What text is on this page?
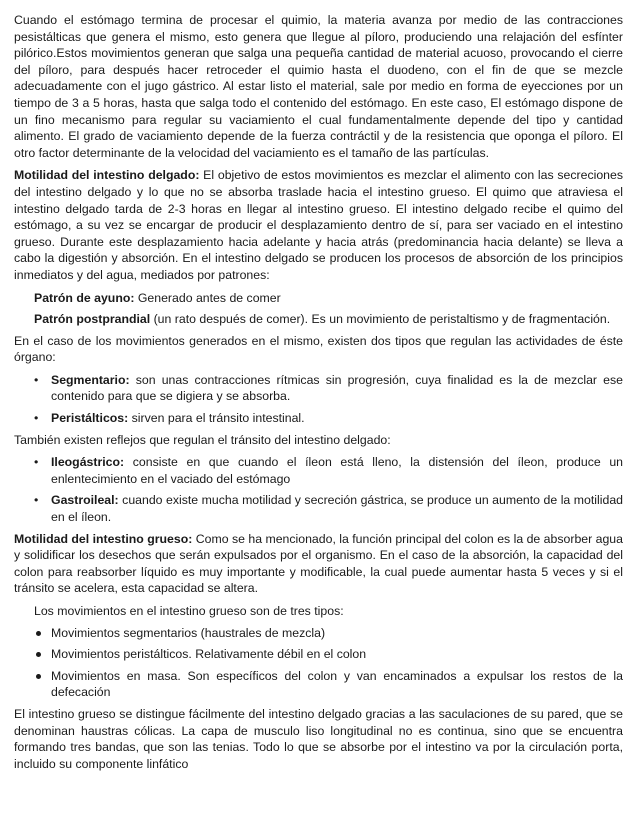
Cuando el estómago termina de procesar el quimio, la materia avanza por medio de las contracciones pesistálticas que genera el mismo, esto genera que llegue al píloro, produciendo una relajación del esfínter pilórico.Estos movimientos generan que salga una pequeña cantidad de material acuoso, provocando el cierre del píloro, para después hacer retroceder el quimio hasta el duodeno, con el fin de que se mezcle adecuadamente con el jugo gástrico. Al estar listo el material, sale por medio en forma de eyecciones por un tiempo de 3 a 5 horas, hasta que salga todo el contenido del estómago. En este caso, El estómago dispone de un fino mecanismo para regular su vaciamiento el cual fundamentalmente depende del tipo y cantidad alimento. El grado de vaciamiento depende de la fuerza contráctil y de la resistencia que oponga el píloro. El otro factor determinante de la velocidad del vaciamiento es el tamaño de las partículas.

Motilidad del intestino delgado: El objetivo de estos movimientos es mezclar el alimento con las secreciones del intestino delgado y lo que no se absorba traslade hacia el intestino grueso. El quimo que atraviesa el intestino delgado tarda de 2-3 horas en llegar al intestino grueso. El intestino delgado recibe el quimo del estómago, a su vez se encargar de producir el desplazamiento dentro de sí, para ser vaciado en el intestino grueso. Durante este desplazamiento hacia adelante y hacia atrás (predominancia hacia delante) se lleva a cabo la digestión y absorción. En el intestino delgado se producen los procesos de absorción de los principios inmediatos y del agua, mediados por patrones:

Patrón de ayuno: Generado antes de comer

Patrón postprandial (un rato después de comer). Es un movimiento de peristaltismo y de fragmentación.

En el caso de los movimientos generados en el mismo, existen dos tipos que regulan las actividades de éste órgano:

• Segmentario: son unas contracciones rítmicas sin progresión, cuya finalidad es la de mezclar ese contenido para que se digiera y se absorba.
• Peristálticos: sirven para el tránsito intestinal.

También existen reflejos que regulan el tránsito del intestino delgado:

• Ileogástrico: consiste en que cuando el íleon está lleno, la distensión del íleon, produce un enlentecimiento en el vaciado del estómago
• Gastroileal: cuando existe mucha motilidad y secreción gástrica, se produce un aumento de la motilidad en el íleon.

Motilidad del intestino grueso: Como se ha mencionado, la función principal del colon es la de absorber agua y solidificar los desechos que serán expulsados por el organismo. En el caso de la absorción, la capacidad del colon para reabsorber líquido es muy importante y modificable, la cual puede aumentar hasta 5 veces y si el tránsito se acelera, esta capacidad se altera.

Los movimientos en el intestino grueso son de tres tipos:

Movimientos segmentarios (haustrales de mezcla)
Movimientos peristálticos. Relativamente débil en el colon
Movimientos en masa. Son específicos del colon y van encaminados a expulsar los restos de la defecación

El intestino grueso se distingue fácilmente del intestino delgado gracias a las saculaciones de su pared, que se denominan haustras cólicas. La capa de musculo liso longitudinal no es continua, sino que se encuentra formando tres bandas, que son las tenias. Todo lo que se absorbe por el intestino va por la circulación porta, incluido su componente linfático
